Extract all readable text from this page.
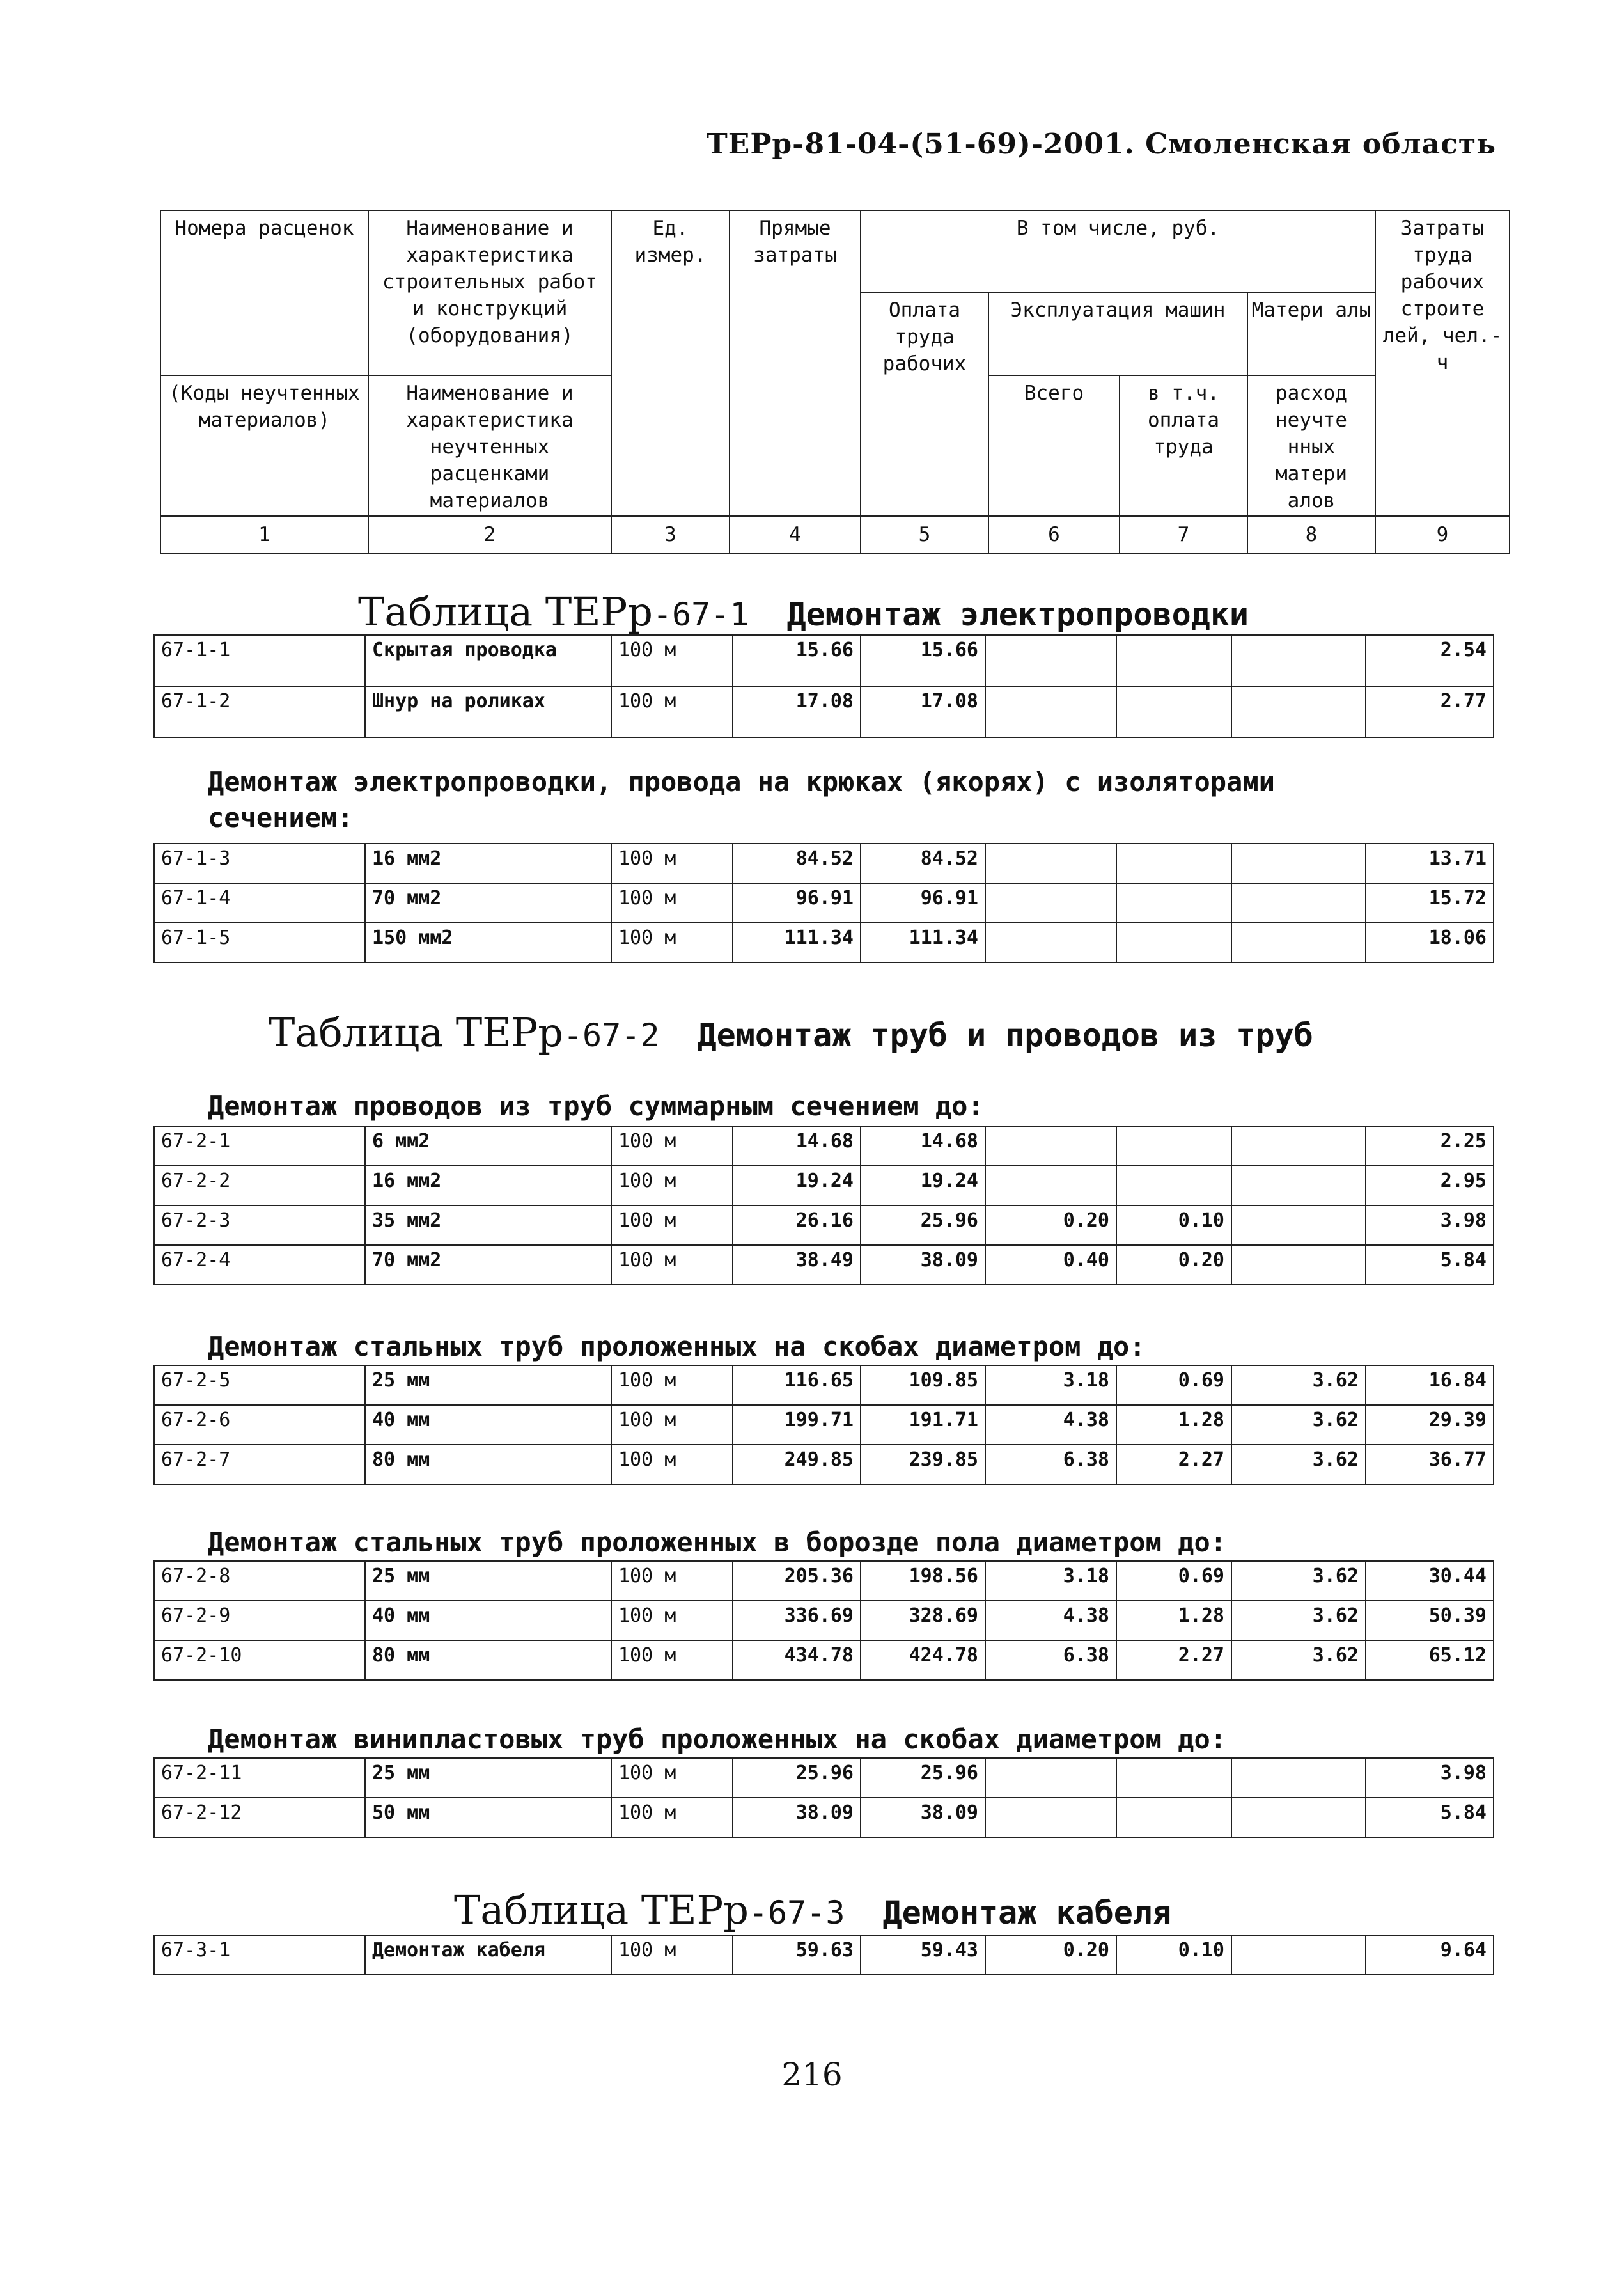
ТЕРр-81-04-(51-69)-2001. Смоленская область
Номера расценок	Наименование и характеристика строительных работ и конструкций (оборудования)	Ед. измер.	Прямые затраты	В том числе, руб.				Затраты труда рабочих строите лей, чел.-ч
				Оплата труда рабочих	Эксплуатация машин		Матери алы	
(Коды неучтенных материалов)	Наименование и характеристика неучтенных расценками материалов				Всего	в т.ч. оплата труда	расход неучте нных матери алов	

1	2	3	4	5	6	7	8	9
Таблица ТЕРр-67-1 Демонтаж электропроводки
67-1-1	Скрытая проводка	100 м	15.66	15.66				2.54
67-1-2	Шнур на роликах	100 м	17.08	17.08				2.77
Демонтаж электропроводки, провода на крюках (якорях) с изоляторами
сечением:
67-1-3	16 мм2	100 м	84.52	84.52				13.71
67-1-4	70 мм2	100 м	96.91	96.91				15.72
67-1-5	150 мм2	100 м	111.34	111.34				18.06
Таблица ТЕРр-67-2 Демонтаж труб и проводов из труб
Демонтаж проводов из труб суммарным сечением до:
67-2-1	6 мм2	100 м	14.68	14.68				2.25
67-2-2	16 мм2	100 м	19.24	19.24				2.95
67-2-3	35 мм2	100 м	26.16	25.96	0.20	0.10		3.98
67-2-4	70 мм2	100 м	38.49	38.09	0.40	0.20		5.84
Демонтаж стальных труб проложенных на скобах диаметром до:
67-2-5	25 мм	100 м	116.65	109.85	3.18	0.69	3.62	16.84
67-2-6	40 мм	100 м	199.71	191.71	4.38	1.28	3.62	29.39
67-2-7	80 мм	100 м	249.85	239.85	6.38	2.27	3.62	36.77
Демонтаж стальных труб проложенных в борозде пола диаметром до:
67-2-8	25 мм	100 м	205.36	198.56	3.18	0.69	3.62	30.44
67-2-9	40 мм	100 м	336.69	328.69	4.38	1.28	3.62	50.39
67-2-10	80 мм	100 м	434.78	424.78	6.38	2.27	3.62	65.12
Демонтаж винипластовых труб проложенных на скобах диаметром до:
67-2-11	25 мм	100 м	25.96	25.96				3.98
67-2-12	50 мм	100 м	38.09	38.09				5.84
Таблица ТЕРр-67-3 Демонтаж кабеля
67-3-1	Демонтаж кабеля	100 м	59.63	59.43	0.20	0.10		9.64
216
